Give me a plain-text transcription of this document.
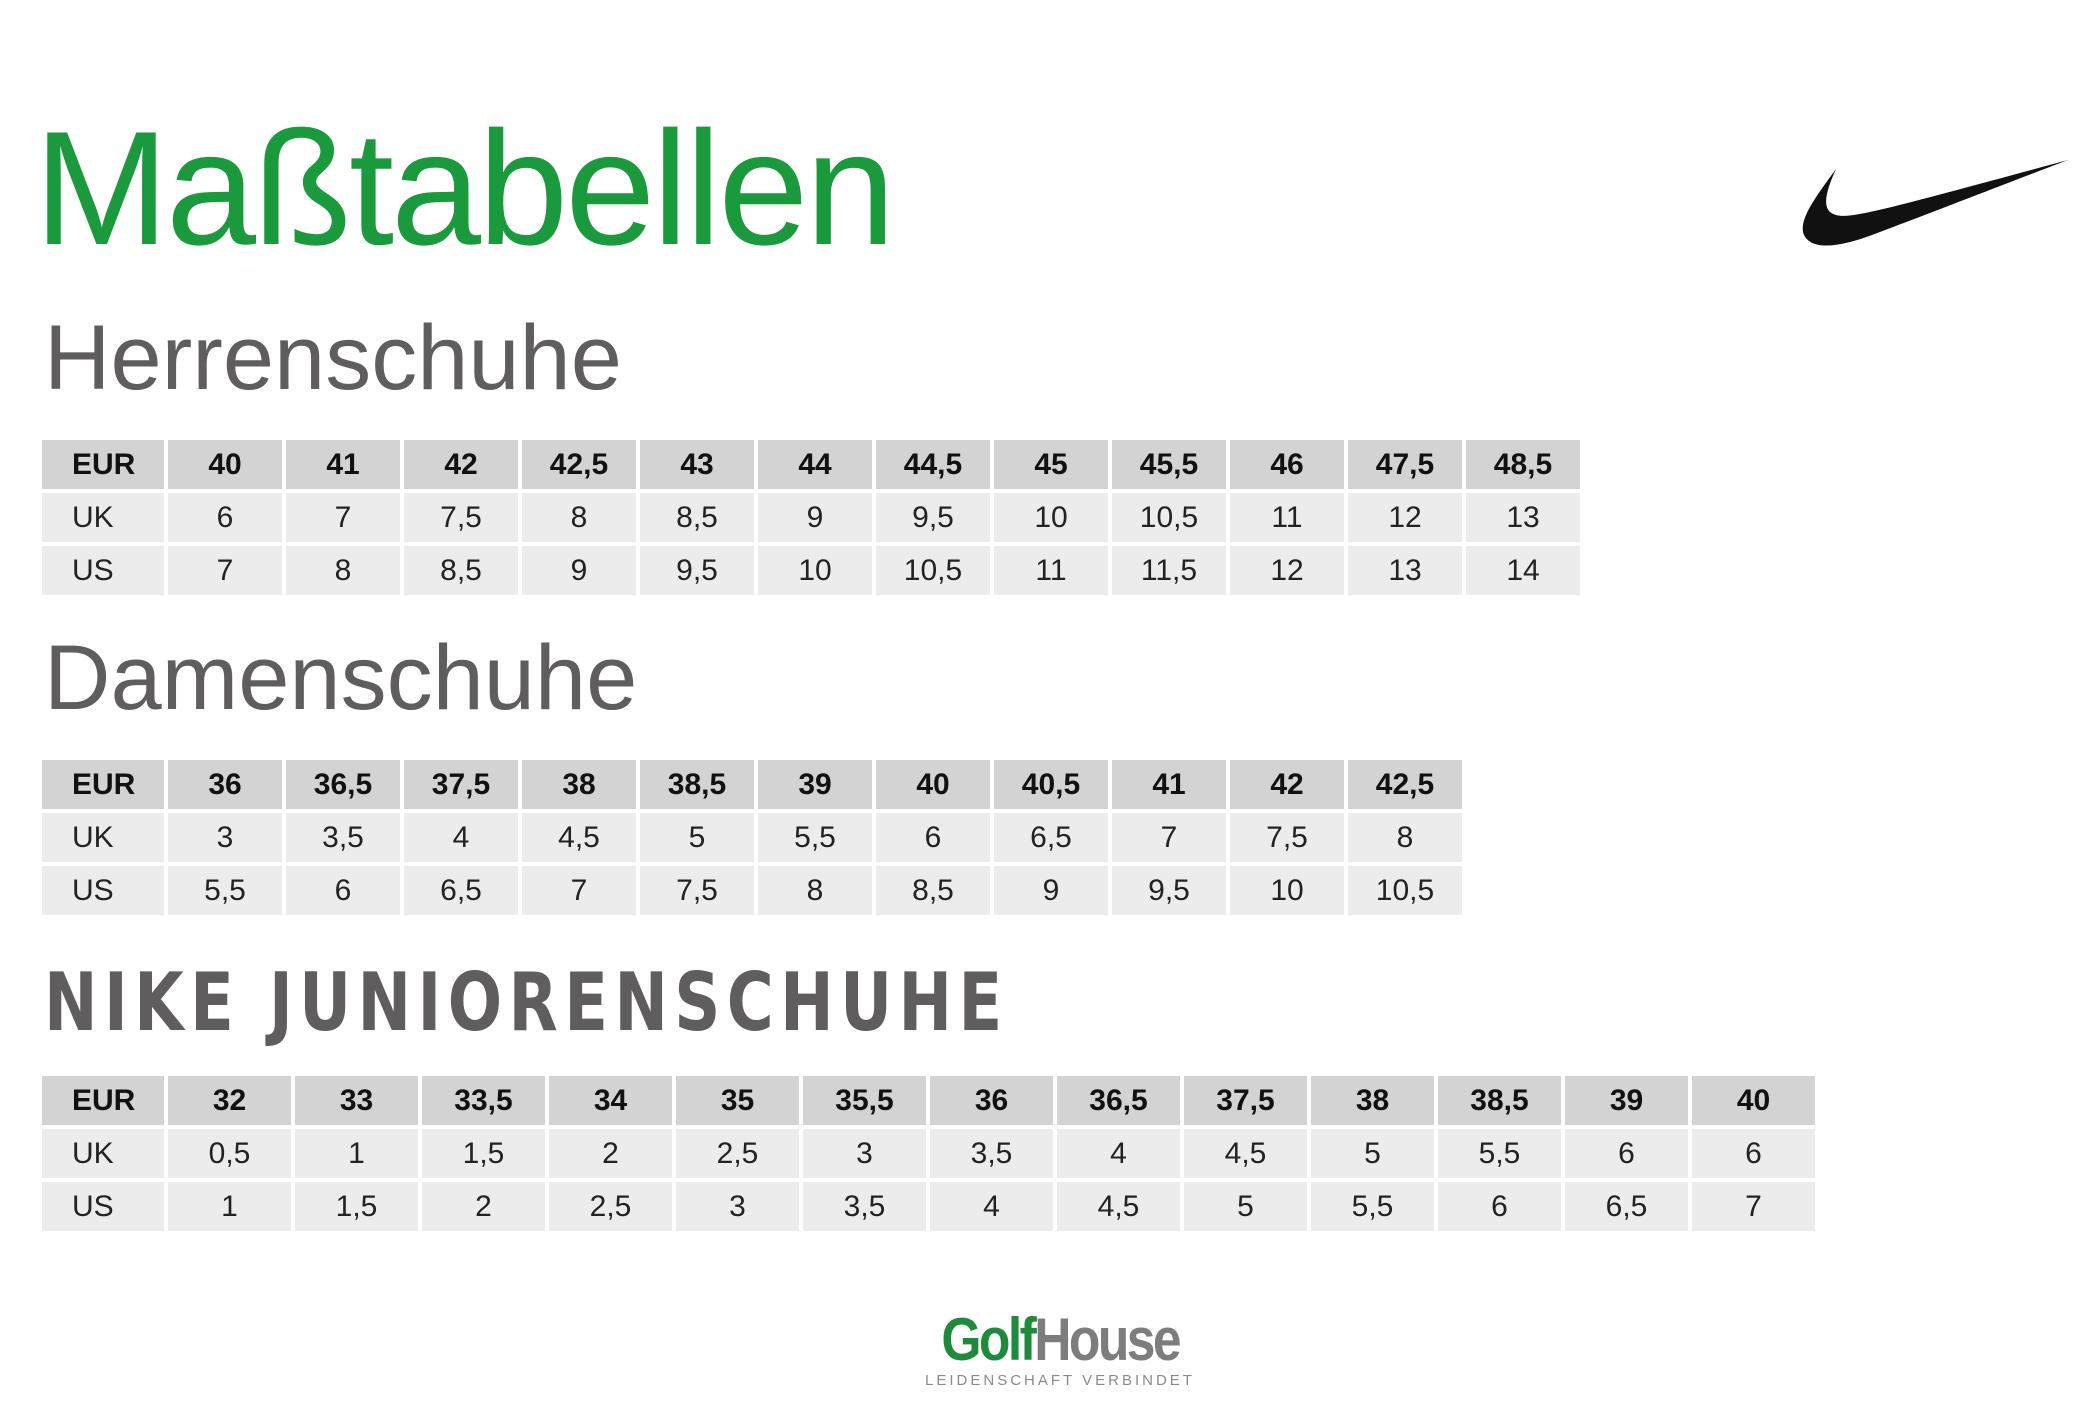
Maßtabellen
Herrenschuhe
EUR	40	41	42	42,5	43	44	44,5	45	45,5	46	47,5	48,5
UK	6	7	7,5	8	8,5	9	9,5	10	10,5	11	12	13
US	7	8	8,5	9	9,5	10	10,5	11	11,5	12	13	14
Damenschuhe
EUR	36	36,5	37,5	38	38,5	39	40	40,5	41	42	42,5
UK	3	3,5	4	4,5	5	5,5	6	6,5	7	7,5	8
US	5,5	6	6,5	7	7,5	8	8,5	9	9,5	10	10,5
NIKE JUNIORENSCHUHE
EUR	32	33	33,5	34	35	35,5	36	36,5	37,5	38	38,5	39	40
UK	0,5	1	1,5	2	2,5	3	3,5	4	4,5	5	5,5	6	6
US	1	1,5	2	2,5	3	3,5	4	4,5	5	5,5	6	6,5	7
GolfHouse
LEIDENSCHAFT VERBINDET
